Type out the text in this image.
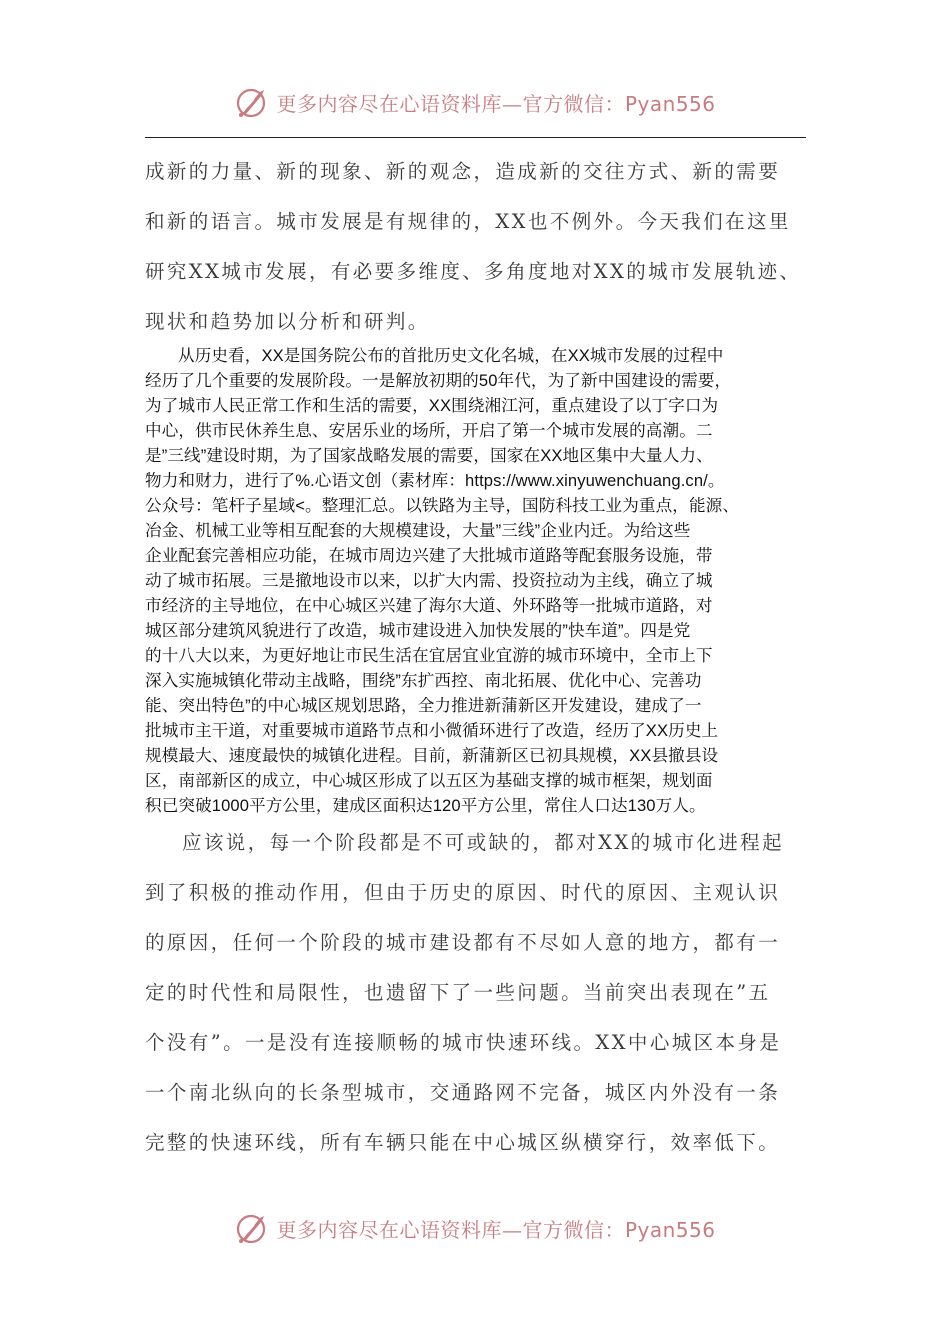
更多内容尽在心语资料库—官方微信：Pyan556

成新的力量、新的现象、新的观念，造成新的交往方式、新的需要
和新的语言。城市发展是有规律的，XX也不例外。今天我们在这里
研究XX城市发展，有必要多维度、多角度地对XX的城市发展轨迹、
现状和趋势加以分析和研判。

从历史看，XX是国务院公布的首批历史文化名城，在XX城市发展的过程中
经历了几个重要的发展阶段。一是解放初期的50年代，为了新中国建设的需要，
为了城市人民正常工作和生活的需要，XX围绕湘江河，重点建设了以丁字口为
中心，供市民休养生息、安居乐业的场所，开启了第一个城市发展的高潮。二
是”三线”建设时期，为了国家战略发展的需要，国家在XX地区集中大量人力、
物力和财力，进行了%.心语文创（素材库：https://www.xinyuwenchuang.cn/。
公众号：笔杆子星域<。整理汇总。以铁路为主导，国防科技工业为重点，能源、
冶金、机械工业等相互配套的大规模建设，大量”三线”企业内迁。为给这些
企业配套完善相应功能，在城市周边兴建了大批城市道路等配套服务设施，带
动了城市拓展。三是撤地设市以来，以扩大内需、投资拉动为主线，确立了城
市经济的主导地位，在中心城区兴建了海尔大道、外环路等一批城市道路，对
城区部分建筑风貌进行了改造，城市建设进入加快发展的”快车道”。四是党
的十八大以来，为更好地让市民生活在宜居宜业宜游的城市环境中，全市上下
深入实施城镇化带动主战略，围绕”东扩西控、南北拓展、优化中心、完善功
能、突出特色”的中心城区规划思路，全力推进新蒲新区开发建设，建成了一
批城市主干道，对重要城市道路节点和小微循环进行了改造，经历了XX历史上
规模最大、速度最快的城镇化进程。目前，新蒲新区已初具规模，XX县撤县设
区，南部新区的成立，中心城区形成了以五区为基础支撑的城市框架，规划面
积已突破1000平方公里，建成区面积达120平方公里，常住人口达130万人。

应该说，每一个阶段都是不可或缺的，都对XX的城市化进程起
到了积极的推动作用，但由于历史的原因、时代的原因、主观认识
的原因，任何一个阶段的城市建设都有不尽如人意的地方，都有一
定的时代性和局限性，也遗留下了一些问题。当前突出表现在”五
个没有”。一是没有连接顺畅的城市快速环线。XX中心城区本身是
一个南北纵向的长条型城市，交通路网不完备，城区内外没有一条
完整的快速环线，所有车辆只能在中心城区纵横穿行，效率低下。

更多内容尽在心语资料库—官方微信：Pyan556
